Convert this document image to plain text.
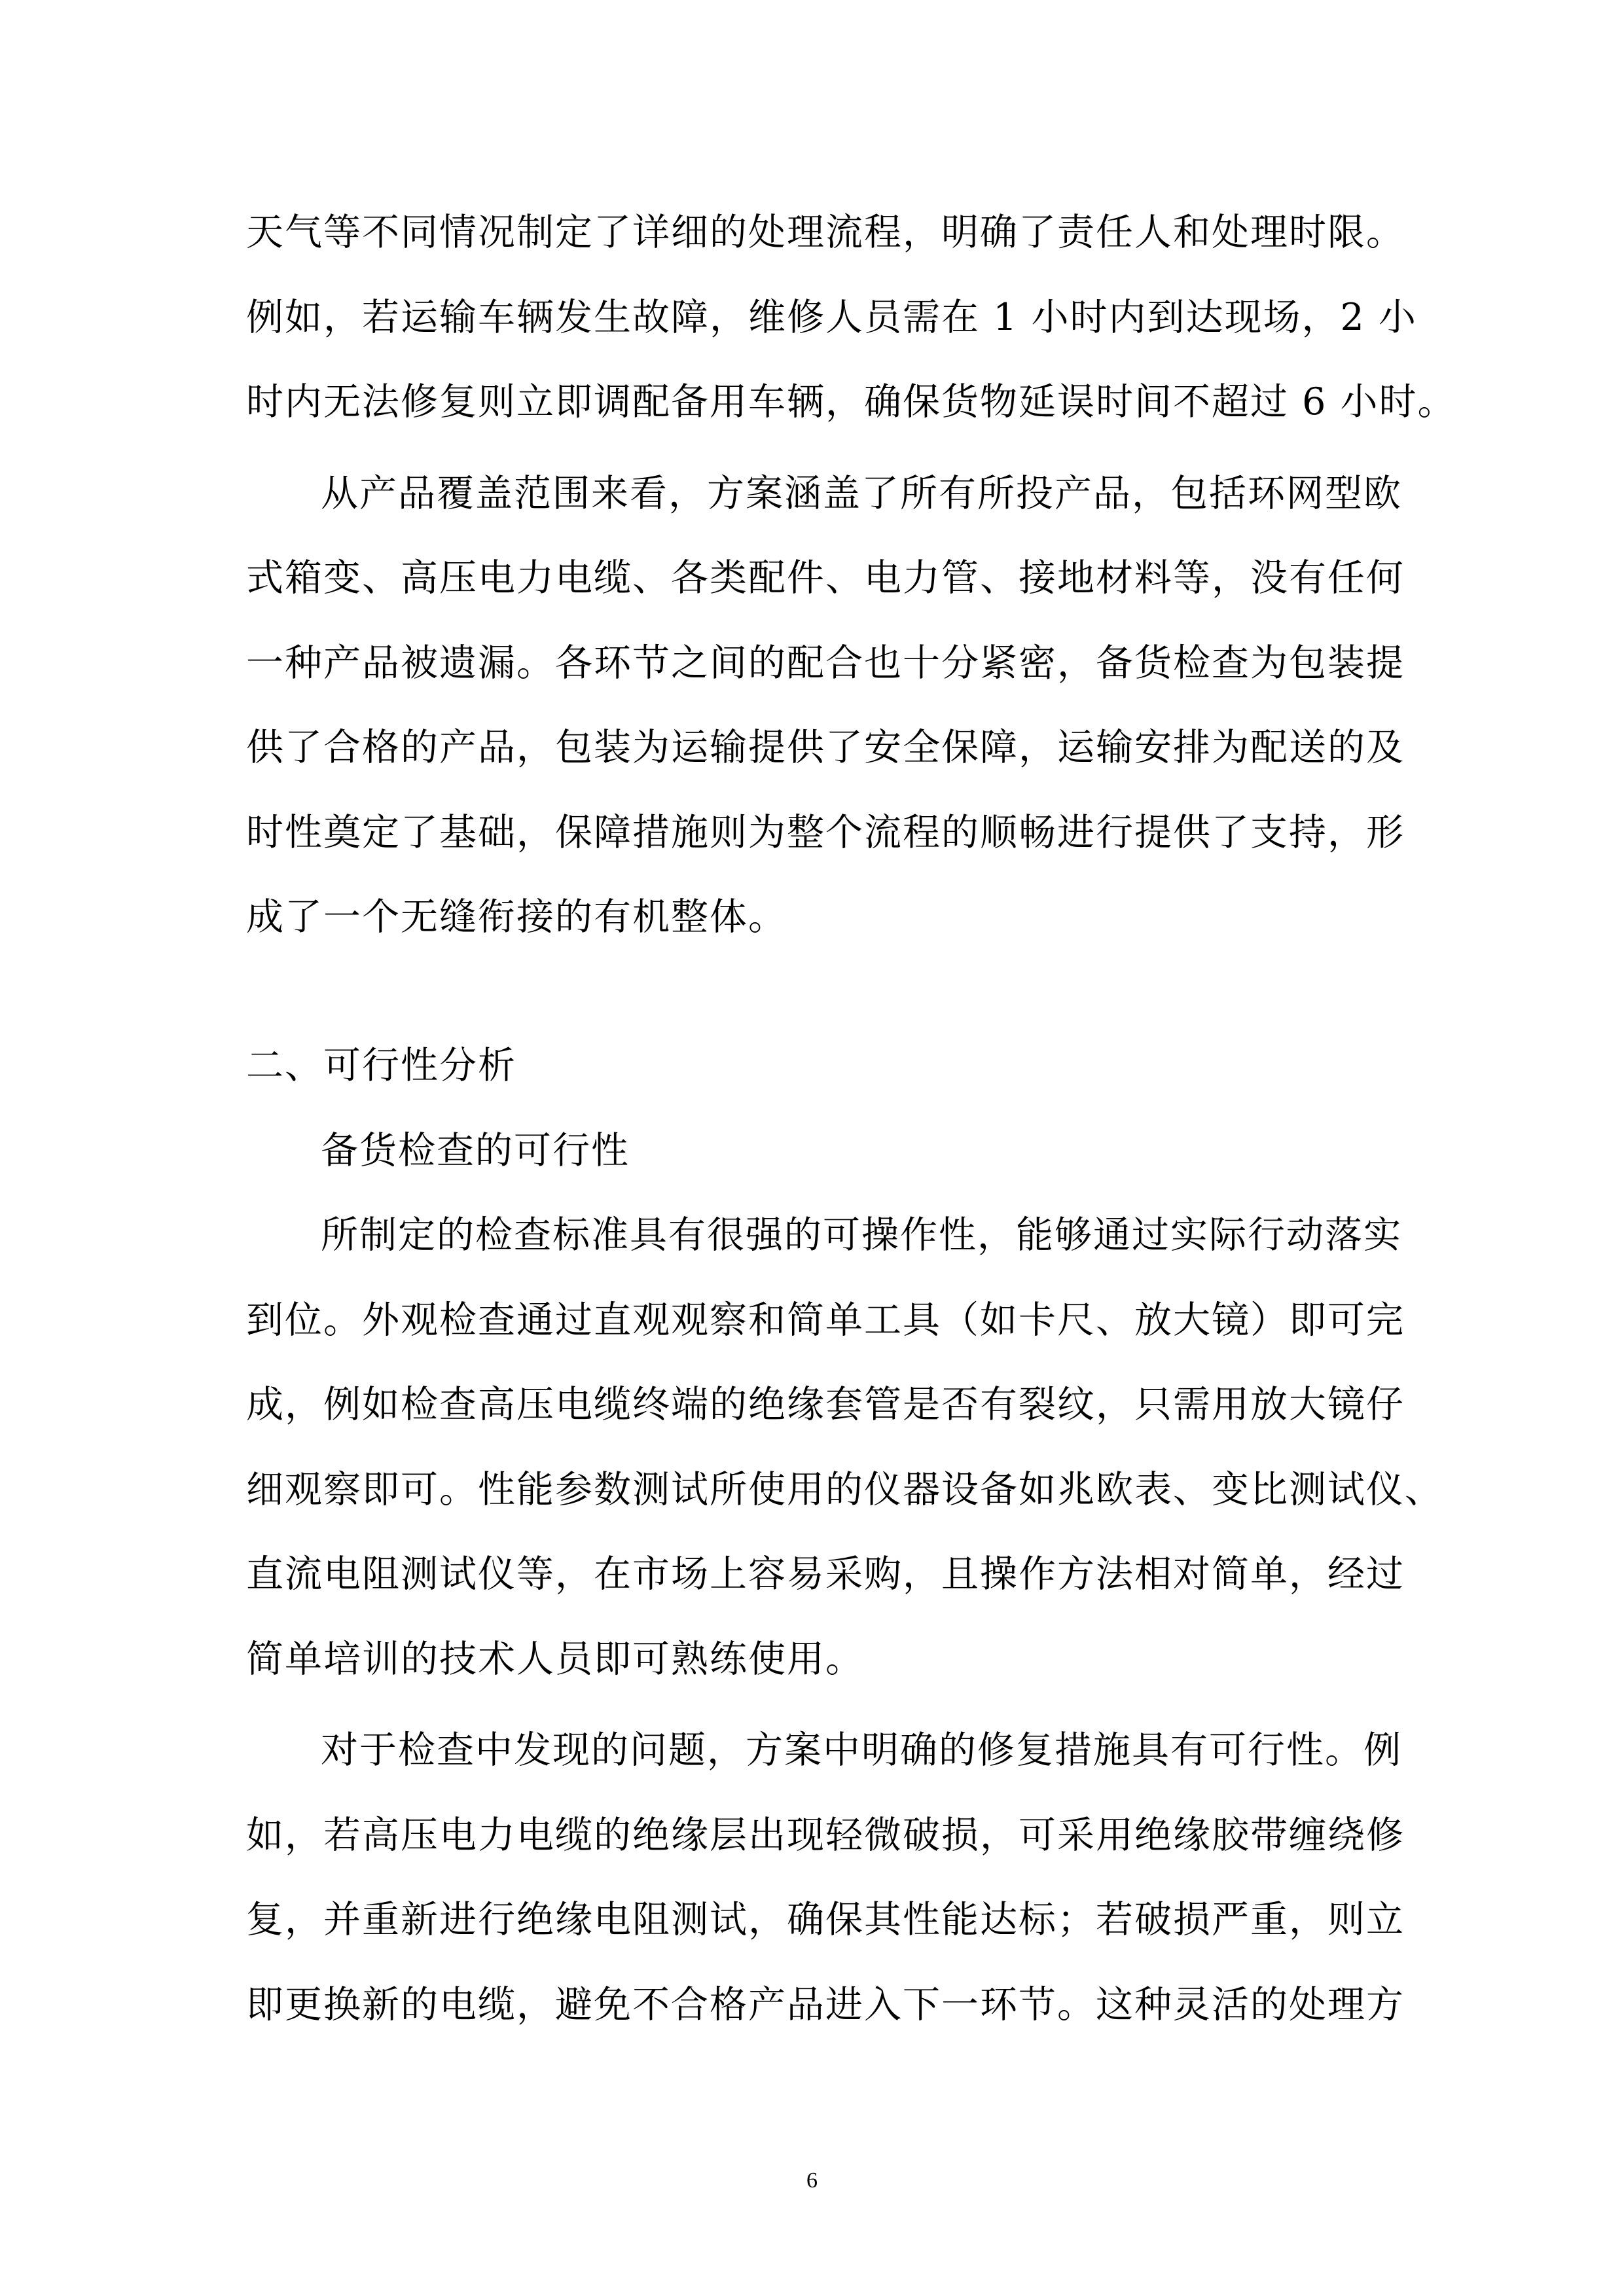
天气等不同情况制定了详细的处理流程，明确了责任人和处理时限。
例如，若运输车辆发生故障，维修人员需在 1 小时内到达现场，2 小
时内无法修复则立即调配备用车辆，确保货物延误时间不超过 6 小时。
从产品覆盖范围来看，方案涵盖了所有所投产品，包括环网型欧
式箱变、高压电力电缆、各类配件、电力管、接地材料等，没有任何
一种产品被遗漏。各环节之间的配合也十分紧密，备货检查为包装提
供了合格的产品，包装为运输提供了安全保障，运输安排为配送的及
时性奠定了基础，保障措施则为整个流程的顺畅进行提供了支持，形
成了一个无缝衔接的有机整体。
二、可行性分析
备货检查的可行性
所制定的检查标准具有很强的可操作性，能够通过实际行动落实
到位。外观检查通过直观观察和简单工具（如卡尺、放大镜）即可完
成，例如检查高压电缆终端的绝缘套管是否有裂纹，只需用放大镜仔
细观察即可。性能参数测试所使用的仪器设备如兆欧表、变比测试仪、
直流电阻测试仪等，在市场上容易采购，且操作方法相对简单，经过
简单培训的技术人员即可熟练使用。
对于检查中发现的问题，方案中明确的修复措施具有可行性。例
如，若高压电力电缆的绝缘层出现轻微破损，可采用绝缘胶带缠绕修
复，并重新进行绝缘电阻测试，确保其性能达标；若破损严重，则立
即更换新的电缆，避免不合格产品进入下一环节。这种灵活的处理方
6
